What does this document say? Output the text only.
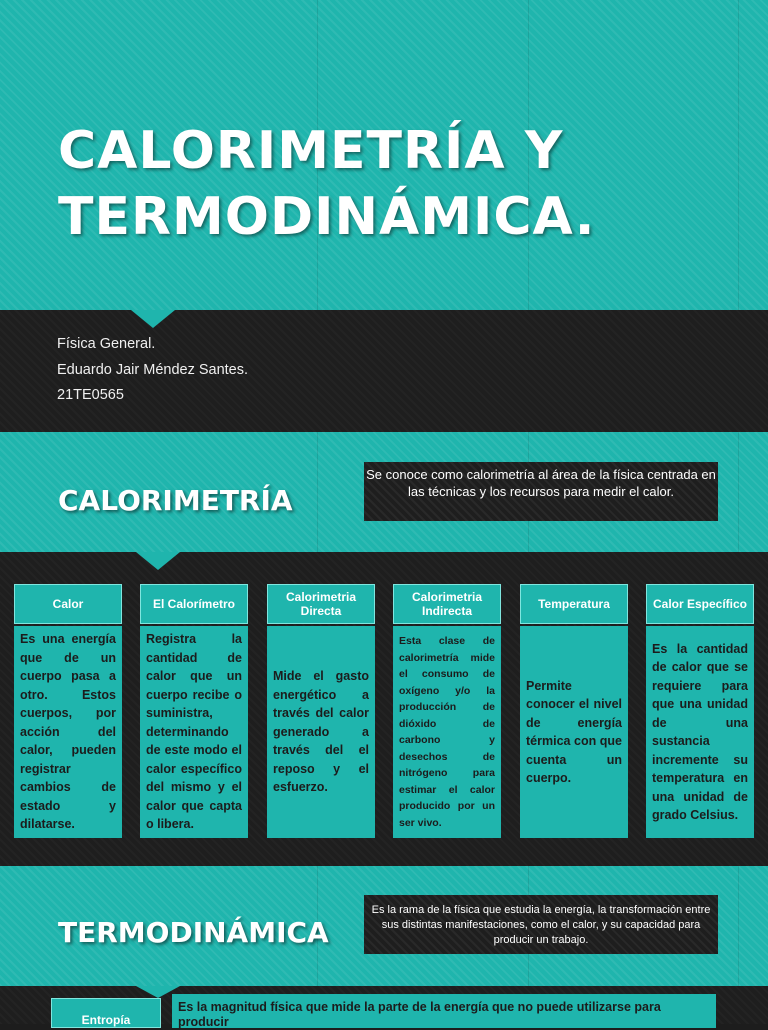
CALORIMETRÍA Y
TERMODINÁMICA.
Física General.
Eduardo Jair Méndez Santes.
21TE0565
CALORIMETRÍA
Se conoce como calorimetría al área de la física centrada en las técnicas y los recursos para medir el calor.
Calor
Es una energía que de un cuerpo pasa a otro. Estos cuerpos, por acción del calor, pueden registrar cambios de estado y dilatarse.
El Calorímetro
Registra la cantidad de calor que un cuerpo recibe o suministra, determinando de este modo el calor específico del mismo y el calor que capta o libera.
Calorimetria Directa
Mide el gasto energético a través del calor generado a través del el reposo y el esfuerzo.
Calorimetria Indirecta
Esta clase de calorimetría mide el consumo de oxígeno y/o la producción de dióxido de carbono y desechos de nitrógeno para estimar el calor producido por un ser vivo.
Temperatura
Permite conocer el nivel de energía térmica con que cuenta un cuerpo.
Calor Específico
Es la cantidad de calor que se requiere para que una unidad de una sustancia incremente su temperatura en una unidad de grado Celsius.
TERMODINÁMICA
Es la rama de la física que estudia la energía, la transformación entre sus distintas manifestaciones, como el calor, y su capacidad para producir un trabajo.
Entropía
Es la magnitud física que mide la parte de la energía que no puede utilizarse para producir
